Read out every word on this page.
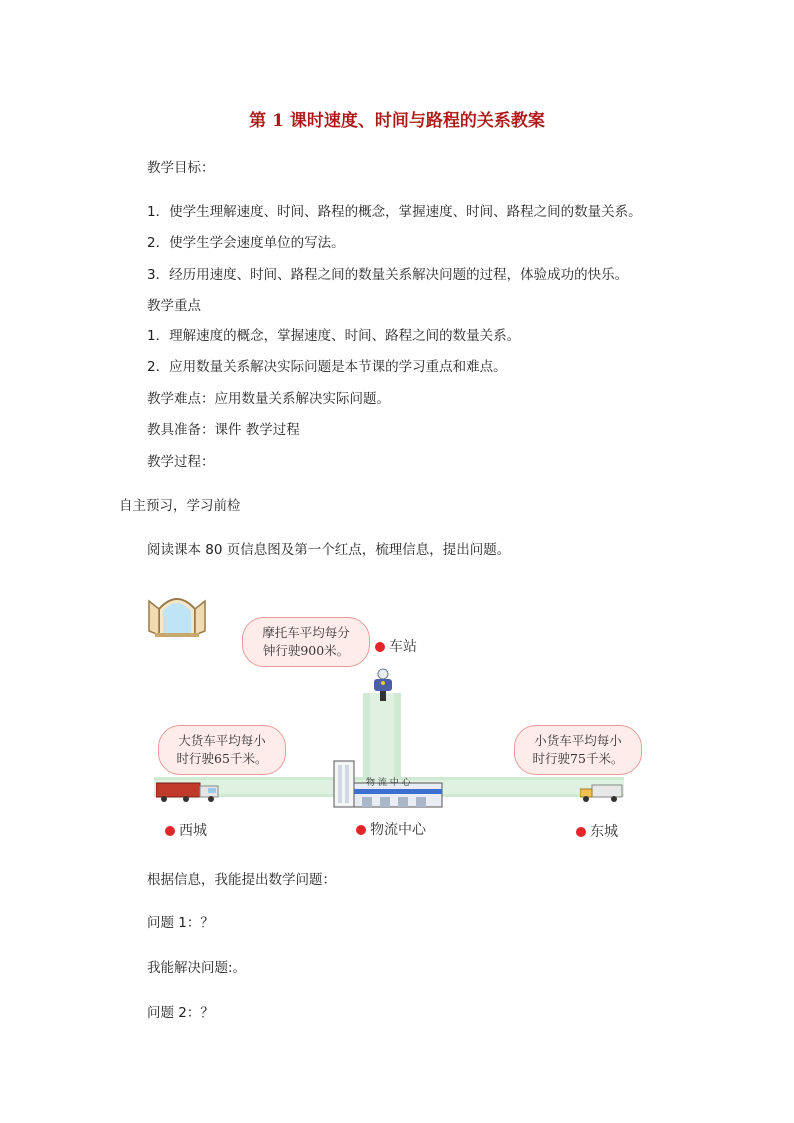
第 1 课时速度、时间与路程的关系教案
教学目标：
1．使学生理解速度、时间、路程的概念，掌握速度、时间、路程之间的数量关系。
2．使学生学会速度单位的写法。
3．经历用速度、时间、路程之间的数量关系解决问题的过程，体验成功的快乐。
教学重点
1．理解速度的概念，掌握速度、时间、路程之间的数量关系。
2．应用数量关系解决实际问题是本节课的学习重点和难点。
教学难点：应用数量关系解决实际问题。
教具准备：课件 教学过程
教学过程：
自主预习，学习前检
阅读课本 80 页信息图及第一个红点，梳理信息，提出问题。
摩托车平均每分
钟行驶900米。	车站
大货车平均每小
时行驶65千米。
小货车平均每小
时行驶75千米。
物 流 中 心
西城	物流中心	东城
根据信息，我能提出数学问题：
问题 1：？
我能解决问题:。
问题 2：？
